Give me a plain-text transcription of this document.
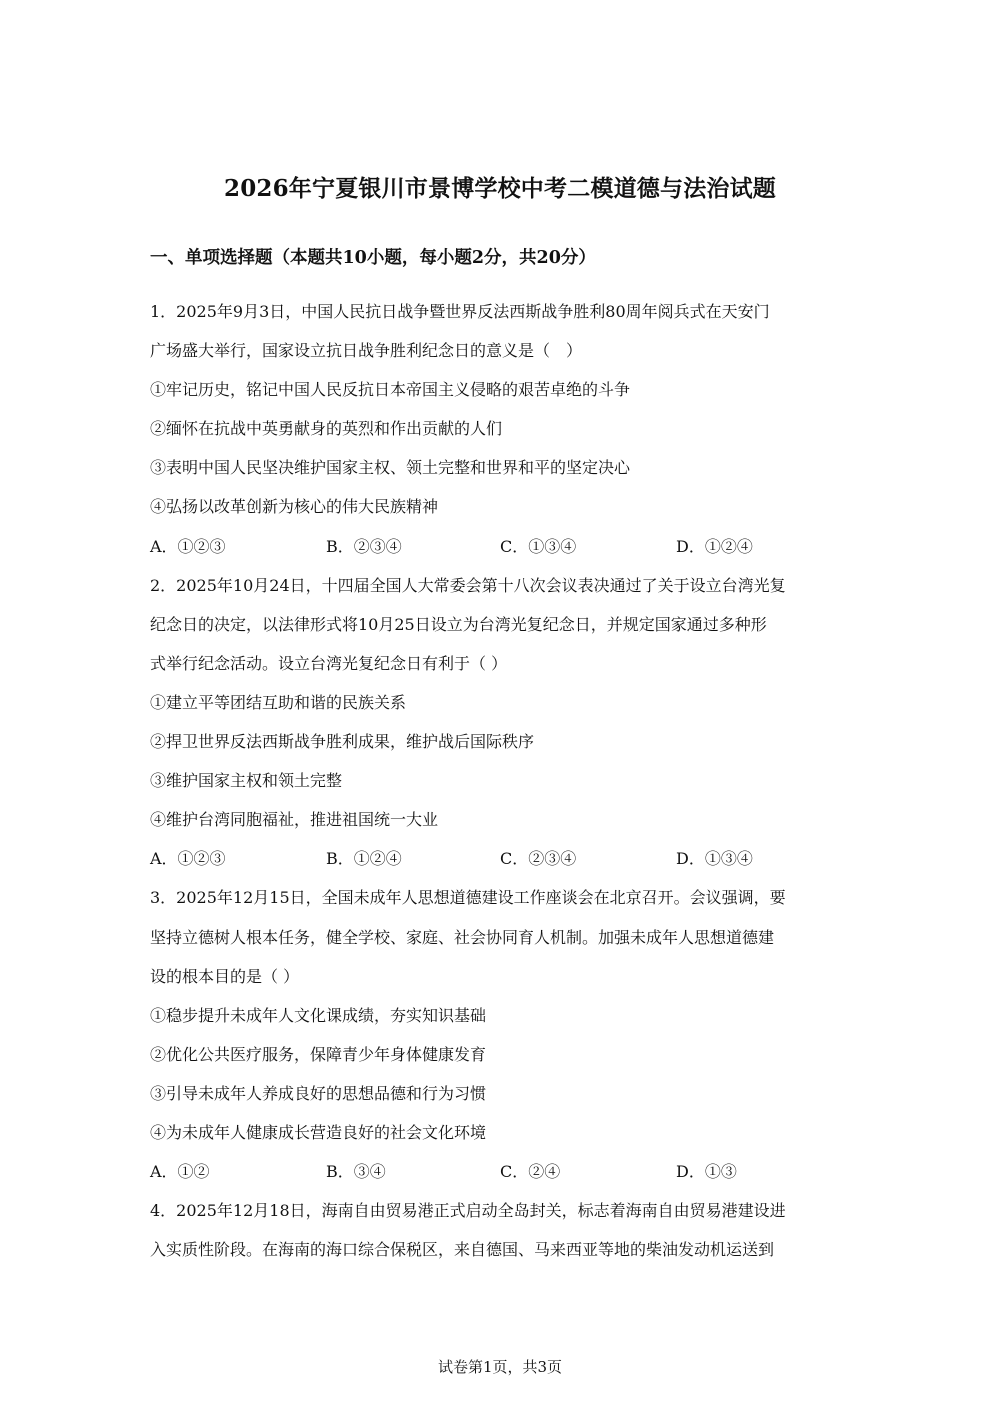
2026年宁夏银川市景博学校中考二模道德与法治试题
一、单项选择题（本题共10小题，每小题2分，共20分）
1．2025年9月3日，中国人民抗日战争暨世界反法西斯战争胜利80周年阅兵式在天安门
广场盛大举行，国家设立抗日战争胜利纪念日的意义是（　）
①牢记历史，铭记中国人民反抗日本帝国主义侵略的艰苦卓绝的斗争
②缅怀在抗战中英勇献身的英烈和作出贡献的人们
③表明中国人民坚决维护国家主权、领土完整和世界和平的坚定决心
④弘扬以改革创新为核心的伟大民族精神
A．①②③	B．②③④	C．①③④	D．①②④
2．2025年10月24日，十四届全国人大常委会第十八次会议表决通过了关于设立台湾光复
纪念日的决定，以法律形式将10月25日设立为台湾光复纪念日，并规定国家通过多种形
式举行纪念活动。设立台湾光复纪念日有利于（ ）
①建立平等团结互助和谐的民族关系
②捍卫世界反法西斯战争胜利成果，维护战后国际秩序
③维护国家主权和领土完整
④维护台湾同胞福祉，推进祖国统一大业
A．①②③	B．①②④	C．②③④	D．①③④
3．2025年12月15日，全国未成年人思想道德建设工作座谈会在北京召开。会议强调，要
坚持立德树人根本任务，健全学校、家庭、社会协同育人机制。加强未成年人思想道德建
设的根本目的是（ ）
①稳步提升未成年人文化课成绩，夯实知识基础
②优化公共医疗服务，保障青少年身体健康发育
③引导未成年人养成良好的思想品德和行为习惯
④为未成年人健康成长营造良好的社会文化环境
A．①②	B．③④	C．②④	D．①③
4．2025年12月18日，海南自由贸易港正式启动全岛封关，标志着海南自由贸易港建设进
入实质性阶段。在海南的海口综合保税区，来自德国、马来西亚等地的柴油发动机运送到
试卷第1页，共3页
